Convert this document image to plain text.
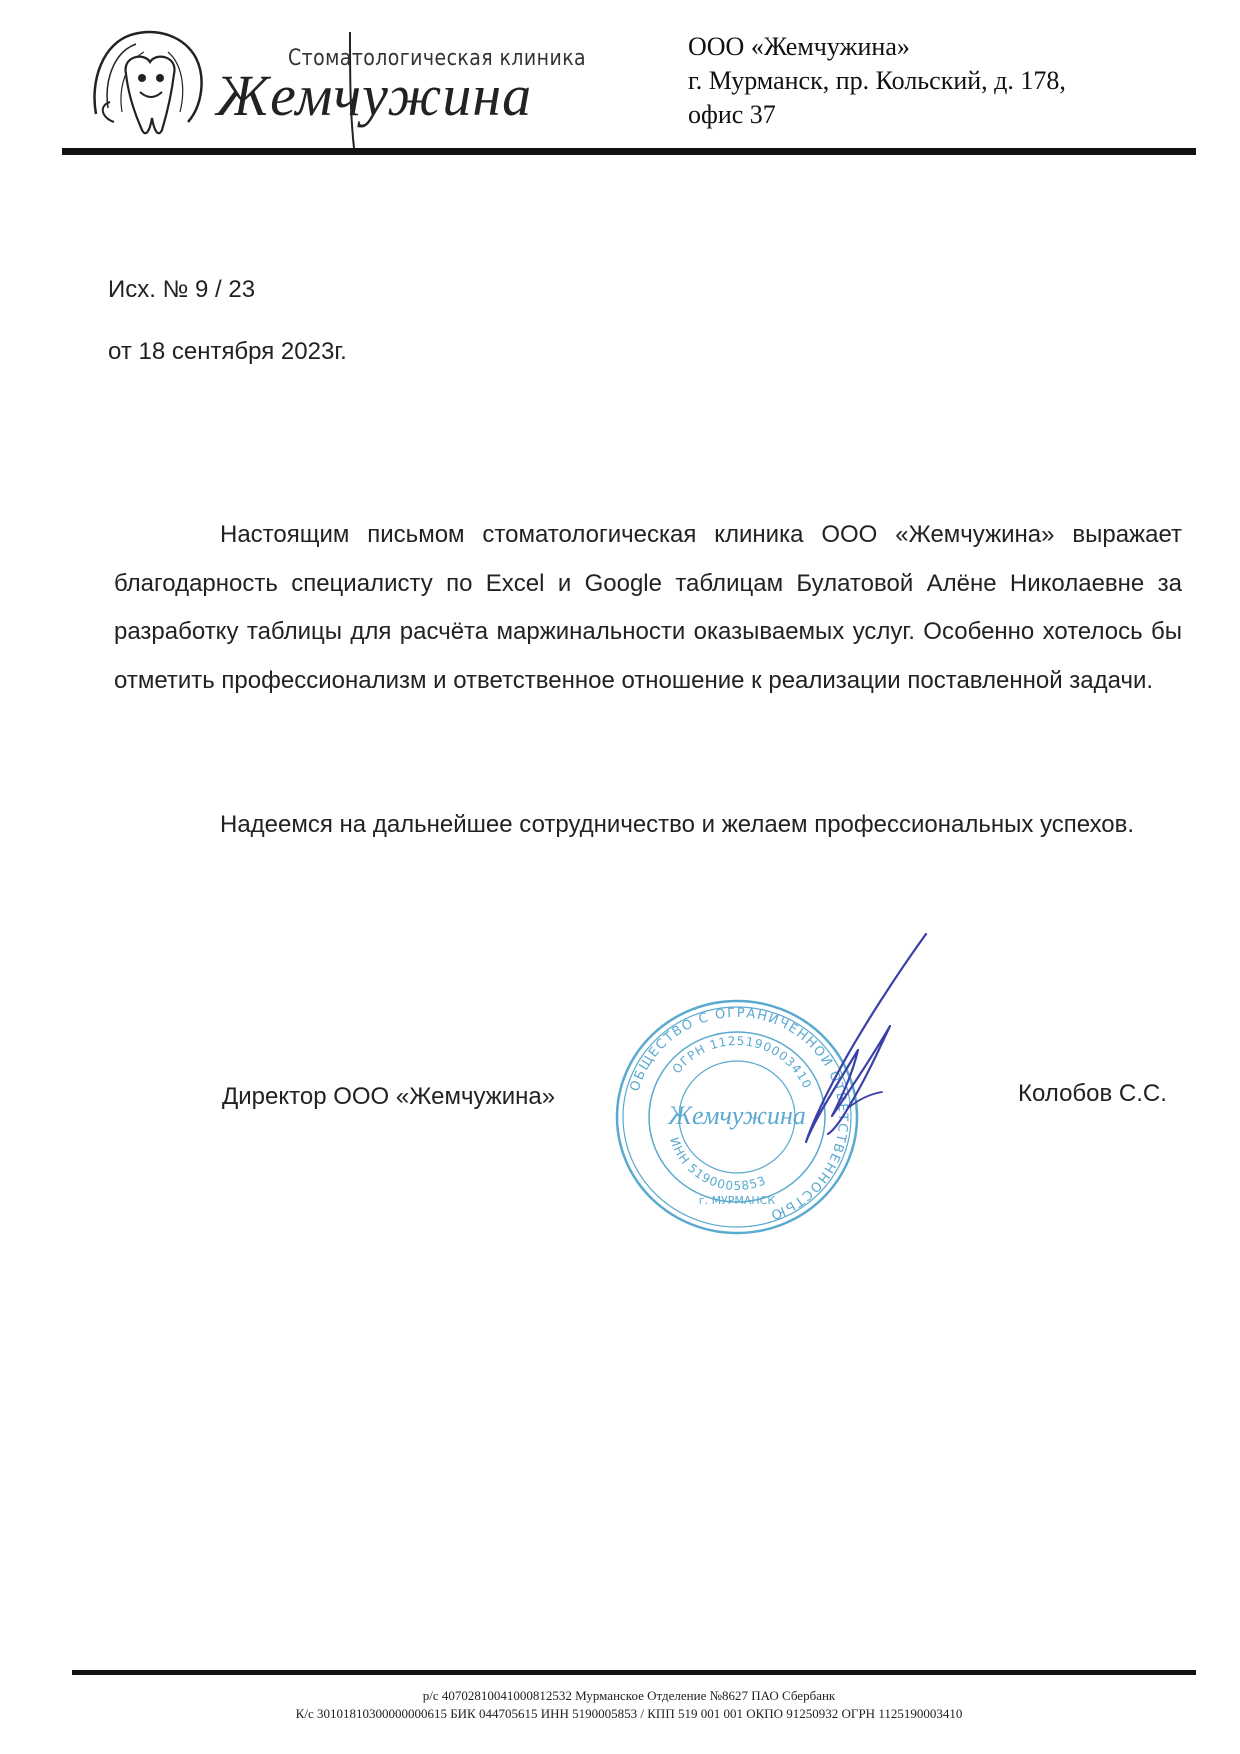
Стоматологическая клиника
Жемчужина
ООО «Жемчужина»
г. Мурманск, пр. Кольский, д. 178,
офис 37
Исх. № 9 / 23
от 18 сентября 2023г.
Настоящим письмом стоматологическая клиника ООО «Жемчужина» выражает благодарность специалисту по Excel и Google таблицам Булатовой Алёне Николаевне за разработку таблицы для расчёта маржинальности оказываемых услуг. Особенно хотелось бы отметить профессионализм и ответственное отношение к реализации поставленной задачи.
Надеемся на дальнейшее сотрудничество и желаем профессиональных успехов.
Директор ООО «Жемчужина»	Колобов С.С.
ОБЩЕСТВО С ОГРАНИЧЕННОЙ ОТВЕТСТВЕННОСТЬЮ
ОГРН 1125190003410
ИНН 5190005853
г. МУРМАНСК
Жемчужина
р/с 40702810041000812532 Мурманское Отделение №8627 ПАО Сбербанк
К/с 30101810300000000615 БИК 044705615 ИНН 5190005853 / КПП 519 001 001 ОКПО 91250932 ОГРН 1125190003410
